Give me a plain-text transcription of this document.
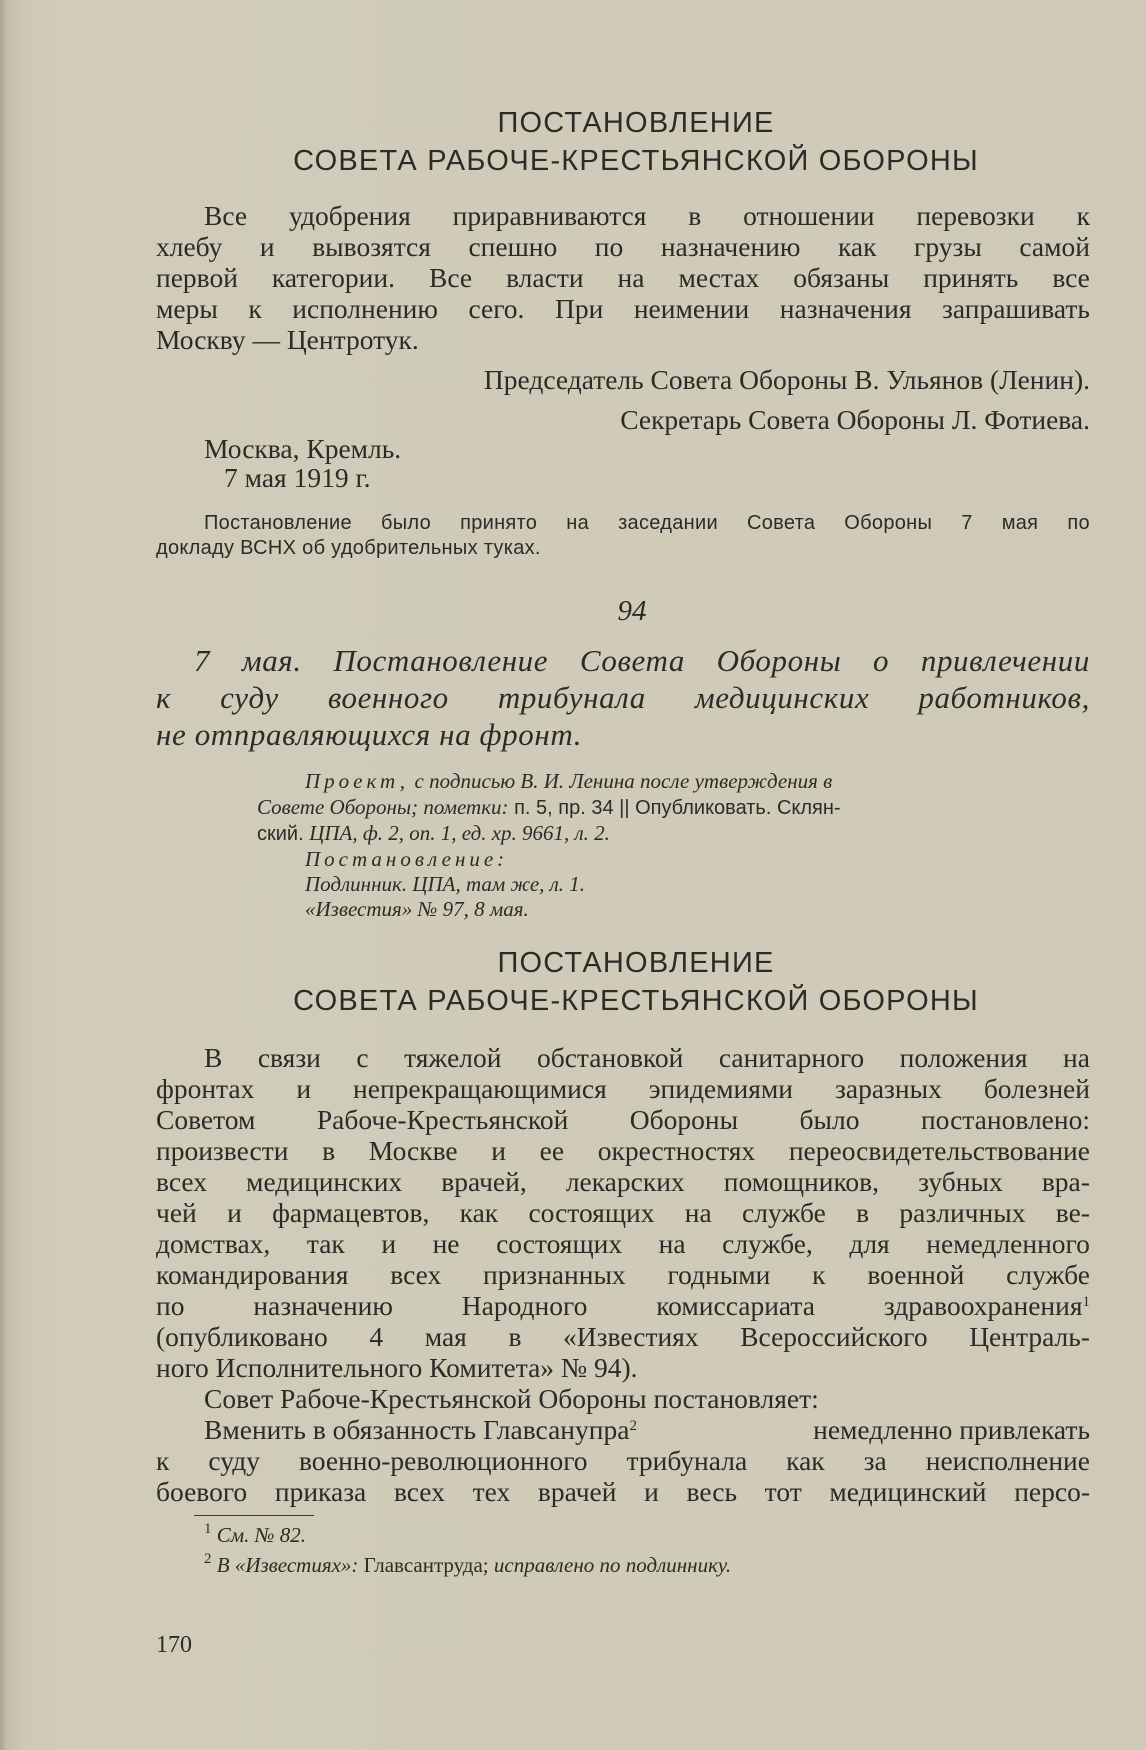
ПОСТАНОВЛЕНИЕ
СОВЕТА РАБОЧЕ-КРЕСТЬЯНСКОЙ ОБОРОНЫ
Все удобрения приравниваются в отношении перевозки к
хлебу и вывозятся спешно по назначению как грузы самой
первой категории. Все власти на местах обязаны принять все
меры к исполнению сего. При неимении назначения запрашивать
Москву — Центротук.
Председатель Совета Обороны В. Ульянов (Ленин).
Секретарь Совета Обороны Л. Фотиева.
Москва, Кремль.
7 мая 1919 г.
Постановление было принято на заседании Совета Обороны 7 мая по
докладу ВСНХ об удобрительных туках.
94
7 мая. Постановление Совета Обороны о привлечении
к суду военного трибунала медицинских работников,
не отправляющихся на фронт.
Проект, с подписью В. И. Ленина после утверждения в
Совете Обороны; пометки: п. 5, пр. 34 || Опубликовать. Склян-
ский. ЦПА, ф. 2, оп. 1, ед. хр. 9661, л. 2.
Постановление:
Подлинник. ЦПА, там же, л. 1.
«Известия» № 97, 8 мая.
ПОСТАНОВЛЕНИЕ
СОВЕТА РАБОЧЕ-КРЕСТЬЯНСКОЙ ОБОРОНЫ
В связи с тяжелой обстановкой санитарного положения на
фронтах и непрекращающимися эпидемиями заразных болезней
Советом Рабоче-Крестьянской Обороны было постановлено:
произвести в Москве и ее окрестностях переосвидетельствование
всех медицинских врачей, лекарских помощников, зубных вра-
чей и фармацевтов, как состоящих на службе в различных ве-
домствах, так и не состоящих на службе, для немедленного
командирования всех признанных годными к военной службе
по	назначению	Народного	комиссариата	здравоохранения$^1$
(опубликовано 4 мая в «Известиях Всероссийского Централь-
ного Исполнительного Комитета» № 94).
Совет Рабоче-Крестьянской Обороны постановляет:
Вменить в обязанность Главсанупра$^2$	немедленно привлекать
к суду военно-революционного трибунала как за неисполнение
боевого приказа всех тех врачей и весь тот медицинский персо-
$^1$ См. № 82.
$^2$ В «Известиях»: Главсантруда; исправлено по подлиннику.
170
